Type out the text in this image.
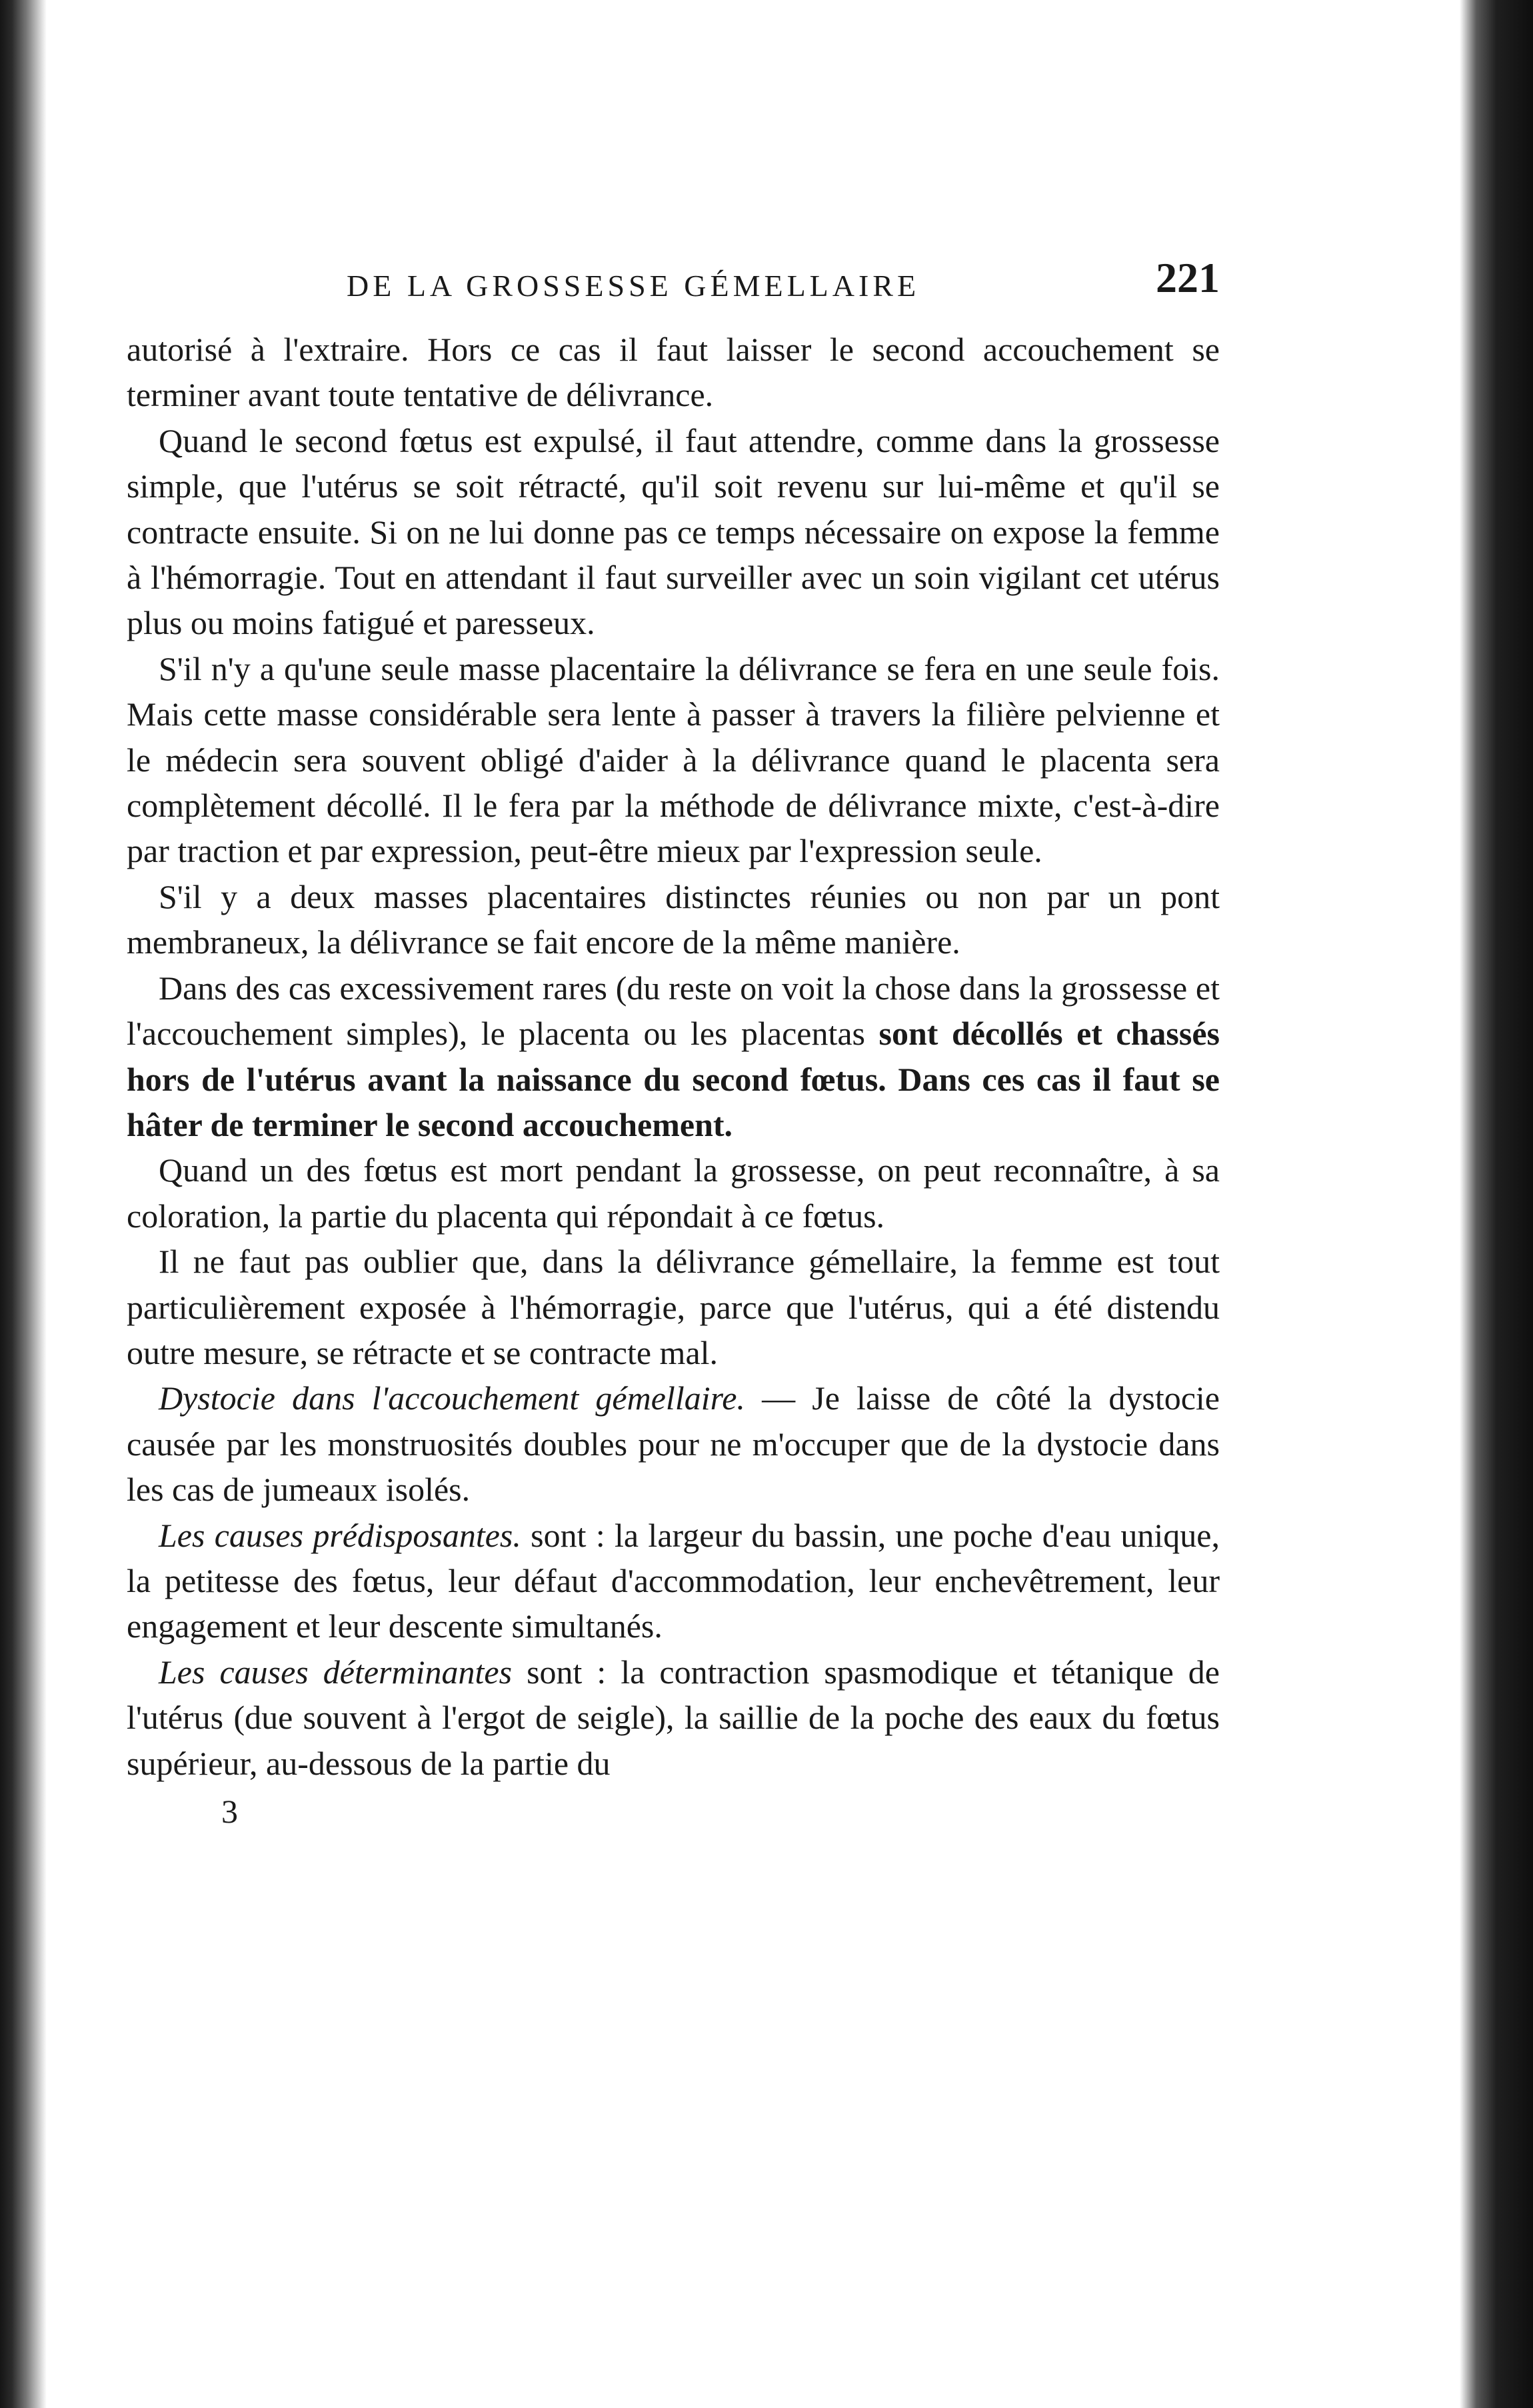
DE LA GROSSESSE GÉMELLAIRE	221

autorisé à l'extraire. Hors ce cas il faut laisser le second accouchement se terminer avant toute tentative de délivrance.

Quand le second fœtus est expulsé, il faut attendre, comme dans la grossesse simple, que l'utérus se soit rétracté, qu'il soit revenu sur lui-même et qu'il se contracte ensuite. Si on ne lui donne pas ce temps nécessaire on expose la femme à l'hémorragie. Tout en attendant il faut surveiller avec un soin vigilant cet utérus plus ou moins fatigué et paresseux.

S'il n'y a qu'une seule masse placentaire la délivrance se fera en une seule fois. Mais cette masse considérable sera lente à passer à travers la filière pelvienne et le médecin sera souvent obligé d'aider à la délivrance quand le placenta sera complètement décollé. Il le fera par la méthode de délivrance mixte, c'est-à-dire par traction et par expression, peut-être mieux par l'expression seule.

S'il y a deux masses placentaires distinctes réunies ou non par un pont membraneux, la délivrance se fait encore de la même manière.

Dans des cas excessivement rares (du reste on voit la chose dans la grossesse et l'accouchement simples), le placenta ou les placentas sont décollés et chassés hors de l'utérus avant la naissance du second fœtus. Dans ces cas il faut se hâter de terminer le second accouchement.

Quand un des fœtus est mort pendant la grossesse, on peut reconnaître, à sa coloration, la partie du placenta qui répondait à ce fœtus.

Il ne faut pas oublier que, dans la délivrance gémellaire, la femme est tout particulièrement exposée à l'hémorragie, parce que l'utérus, qui a été distendu outre mesure, se rétracte et se contracte mal.

Dystocie dans l'accouchement gémellaire. — Je laisse de côté la dystocie causée par les monstruosités doubles pour ne m'occuper que de la dystocie dans les cas de jumeaux isolés.

Les causes prédisposantes. sont : la largeur du bassin, une poche d'eau unique, la petitesse des fœtus, leur défaut d'accommodation, leur enchevêtrement, leur engagement et leur descente simultanés.

Les causes déterminantes sont : la contraction spasmodique et tétanique de l'utérus (due souvent à l'ergot de seigle), la saillie de la poche des eaux du fœtus supérieur, au-dessous de la partie du

3
